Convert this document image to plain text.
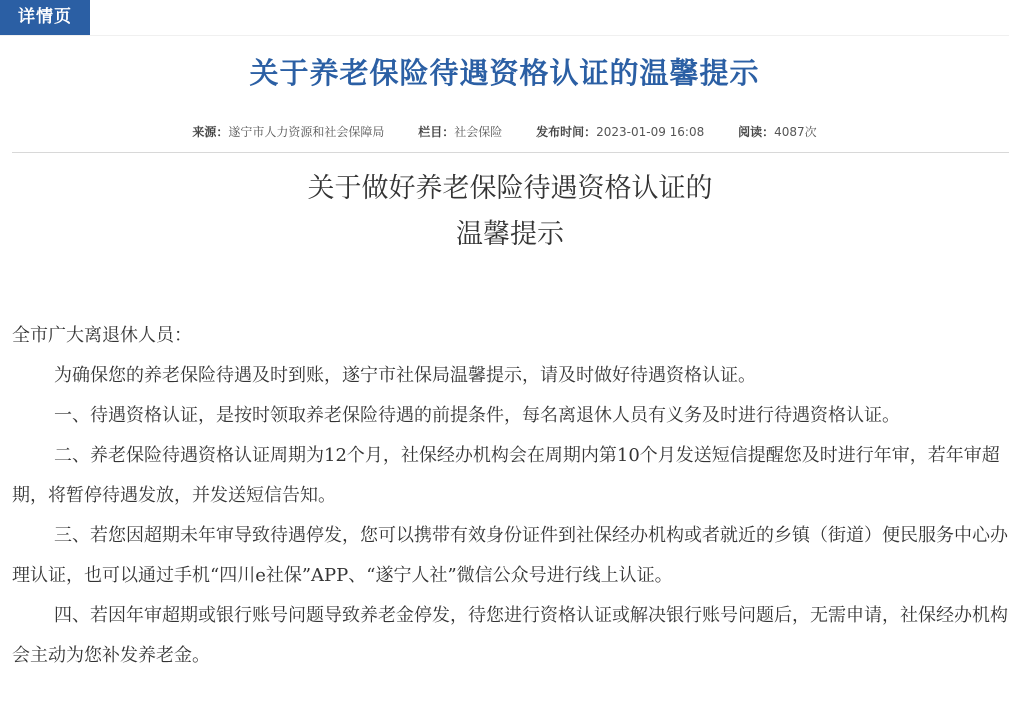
详情页
关于养老保险待遇资格认证的温馨提示
来源：遂宁市人力资源和社会保障局	栏目：社会保险	发布时间：2023-01-09 16:08	阅读：4087次
关于做好养老保险待遇资格认证的
温馨提示

全市广大离退休人员：

为确保您的养老保险待遇及时到账，遂宁市社保局温馨提示，请及时做好待遇资格认证。

一、待遇资格认证，是按时领取养老保险待遇的前提条件，每名离退休人员有义务及时进行待遇资格认证。

二、养老保险待遇资格认证周期为12个月，社保经办机构会在周期内第10个月发送短信提醒您及时进行年审，若年审超期，将暂停待遇发放，并发送短信告知。

三、若您因超期未年审导致待遇停发，您可以携带有效身份证件到社保经办机构或者就近的乡镇（街道）便民服务中心办理认证，也可以通过手机“四川e社保”APP、“遂宁人社”微信公众号进行线上认证。

四、若因年审超期或银行账号问题导致养老金停发，待您进行资格认证或解决银行账号问题后，无需申请，社保经办机构会主动为您补发养老金。
